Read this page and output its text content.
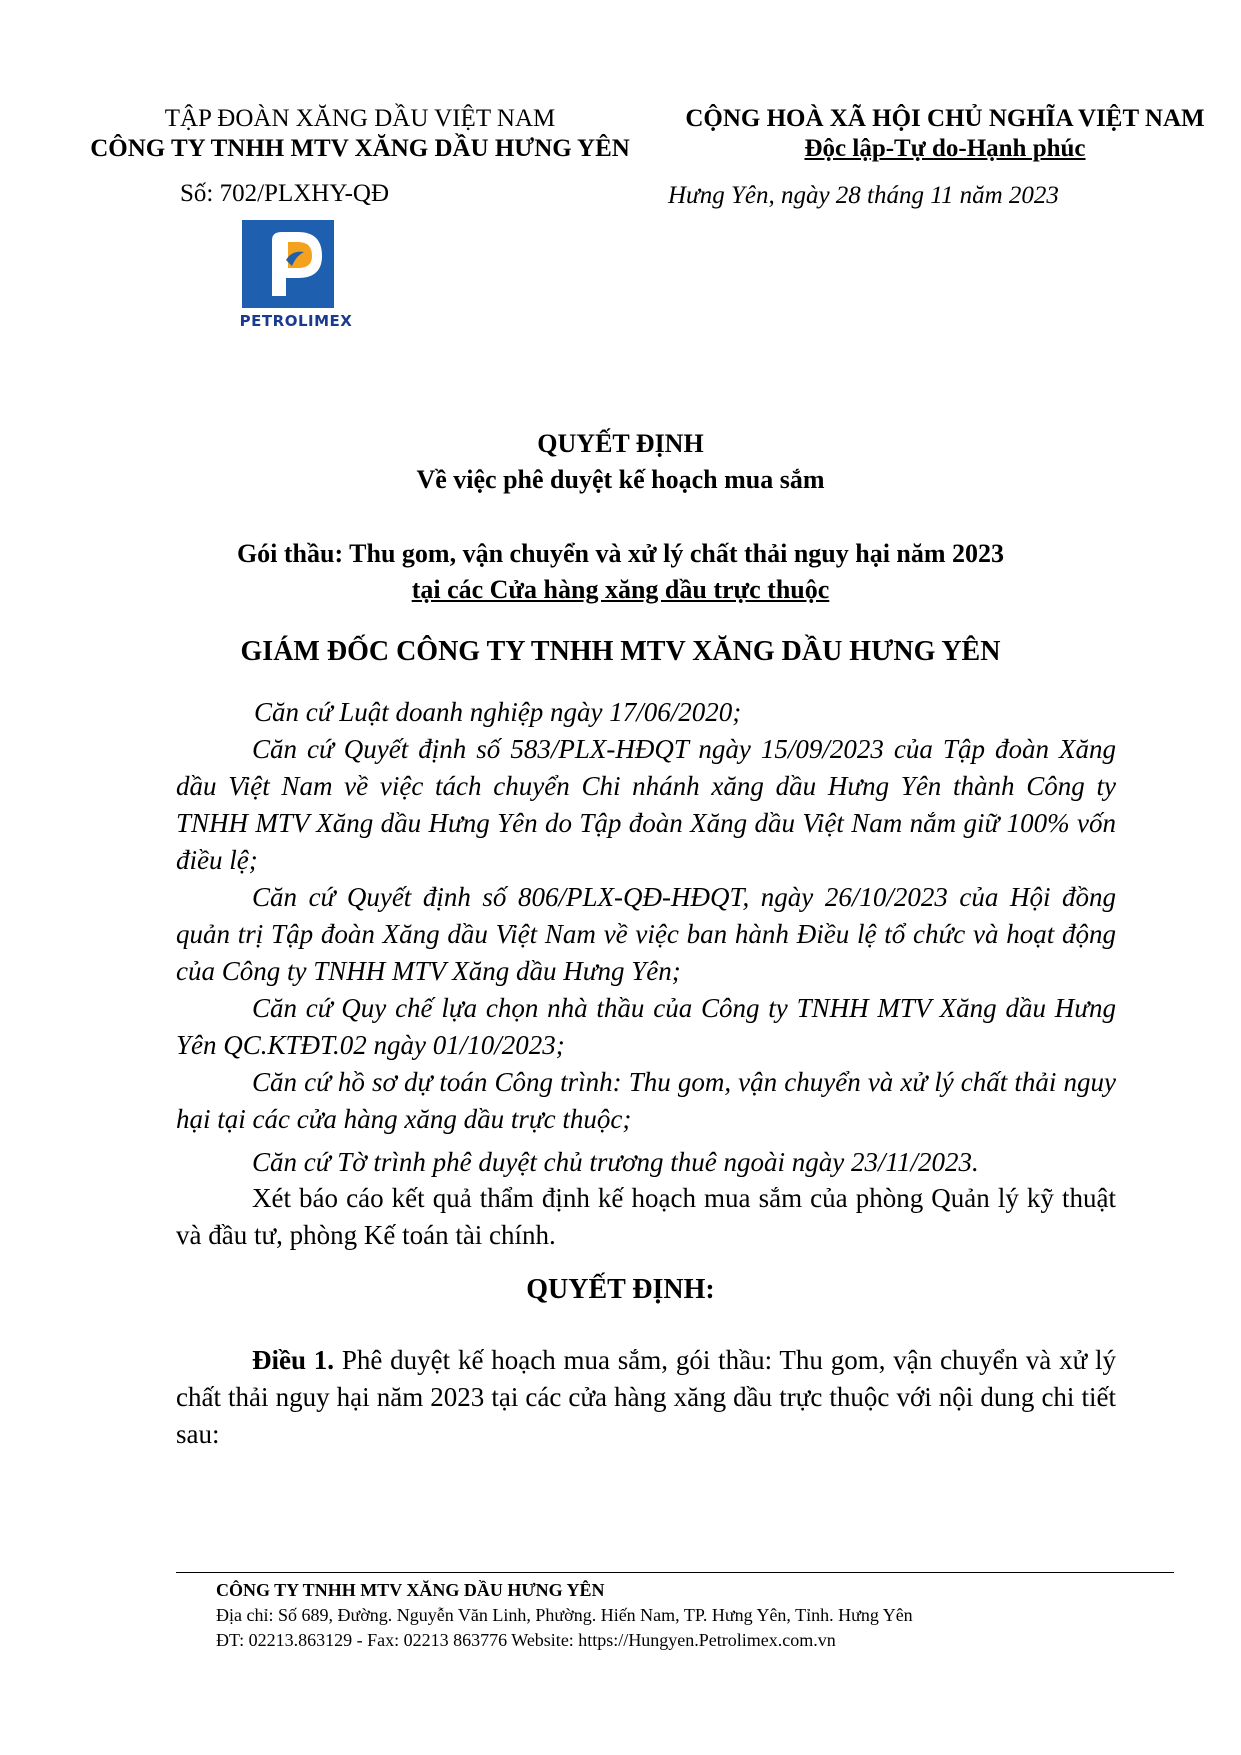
TẬP ĐOÀN XĂNG DẦU VIỆT NAM
CÔNG TY TNHH MTV XĂNG DẦU HƯNG YÊN
Số: 702/PLXHY-QĐ
CỘNG HOÀ XÃ HỘI CHỦ NGHĨA VIỆT NAM
Độc lập-Tự do-Hạnh phúc
Hưng Yên, ngày 28 tháng 11 năm 2023
PETROLIMEX
QUYẾT ĐỊNH
Về việc phê duyệt kế hoạch mua sắm
Gói thầu: Thu gom, vận chuyển và xử lý chất thải nguy hại năm 2023
tại các Cửa hàng xăng dầu trực thuộc
GIÁM ĐỐC CÔNG TY TNHH MTV XĂNG DẦU HƯNG YÊN

Căn cứ Luật doanh nghiệp ngày 17/06/2020;

Căn cứ Quyết định số 583/PLX-HĐQT ngày 15/09/2023 của Tập đoàn Xăng dầu Việt Nam về việc tách chuyển Chi nhánh xăng dầu Hưng Yên thành Công ty TNHH MTV Xăng dầu Hưng Yên do Tập đoàn Xăng dầu Việt Nam nắm giữ 100% vốn điều lệ;

Căn cứ Quyết định số 806/PLX-QĐ-HĐQT, ngày 26/10/2023 của Hội đồng quản trị Tập đoàn Xăng dầu Việt Nam về việc ban hành Điều lệ tổ chức và hoạt động của Công ty TNHH MTV Xăng dầu Hưng Yên;

Căn cứ Quy chế lựa chọn nhà thầu của Công ty TNHH MTV Xăng dầu Hưng Yên QC.KTĐT.02 ngày 01/10/2023;

Căn cứ hồ sơ dự toán Công trình: Thu gom, vận chuyển và xử lý chất thải nguy hại tại các cửa hàng xăng dầu trực thuộc;

Căn cứ Tờ trình phê duyệt chủ trương thuê ngoài ngày 23/11/2023.

Xét báo cáo kết quả thẩm định kế hoạch mua sắm của phòng Quản lý kỹ thuật và đầu tư, phòng Kế toán tài chính.

QUYẾT ĐỊNH:

Điều 1. Phê duyệt kế hoạch mua sắm, gói thầu: Thu gom, vận chuyển và xử lý chất thải nguy hại năm 2023 tại các cửa hàng xăng dầu trực thuộc với nội dung chi tiết sau:

CÔNG TY TNHH MTV XĂNG DẦU HƯNG YÊN
Địa chỉ: Số 689, Đường. Nguyễn Văn Linh, Phường. Hiến Nam, TP. Hưng Yên, Tỉnh. Hưng Yên
ĐT: 02213.863129 - Fax: 02213 863776 Website: https://Hungyen.Petrolimex.com.vn
